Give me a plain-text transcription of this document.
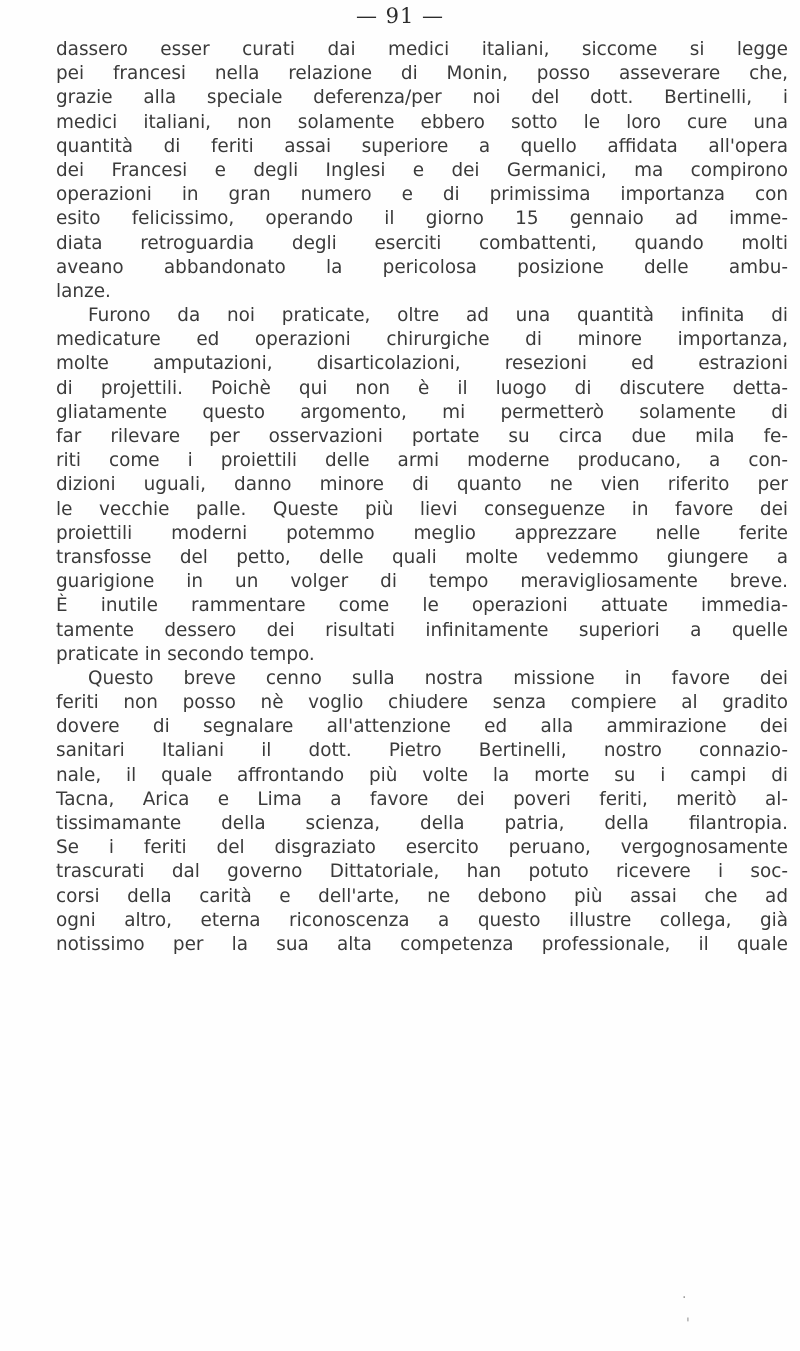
— 91 —
dassero esser curati dai medici italiani, siccome si legge
pei francesi nella relazione di Monin, posso asseverare che,
grazie alla speciale deferenza/per noi del dott. Bertinelli, i
medici italiani, non solamente ebbero sotto le loro cure una
quantità di feriti assai superiore a quello affidata all'opera
dei Francesi e degli Inglesi e dei Germanici, ma compirono
operazioni in gran numero e di primissima importanza con
esito felicissimo, operando il giorno 15 gennaio ad imme-
diata retroguardia degli eserciti combattenti, quando molti
aveano abbandonato la pericolosa posizione delle ambu-
lanze.
Furono da noi praticate, oltre ad una quantità infinita di
medicature ed operazioni chirurgiche di minore importanza,
molte amputazioni, disarticolazioni, resezioni ed estrazioni
di projettili. Poichè qui non è il luogo di discutere detta-
gliatamente questo argomento, mi permetterò solamente di
far rilevare per osservazioni portate su circa due mila fe-
riti come i proiettili delle armi moderne producano, a con-
dizioni uguali, danno minore di quanto ne vien riferito per
le vecchie palle. Queste più lievi conseguenze in favore dei
proiettili moderni potemmo meglio apprezzare nelle ferite
transfosse del petto, delle quali molte vedemmo giungere a
guarigione in un volger di tempo meravigliosamente breve.
È inutile rammentare come le operazioni attuate immedia-
tamente dessero dei risultati infinitamente superiori a quelle
praticate in secondo tempo.
Questo breve cenno sulla nostra missione in favore dei
feriti non posso nè voglio chiudere senza compiere al gradito
dovere di segnalare all'attenzione ed alla ammirazione dei
sanitari Italiani il dott. Pietro Bertinelli, nostro connazio-
nale, il quale affrontando più volte la morte su i campi di
Tacna, Arica e Lima a favore dei poveri feriti, meritò al-
tissimamante della scienza, della patria, della filantropia.
Se i feriti del disgraziato esercito peruano, vergognosamente
trascurati dal governo Dittatoriale, han potuto ricevere i soc-
corsi della carità e dell'arte, ne debono più assai che ad
ogni altro, eterna riconoscenza a questo illustre collega, già
notissimo per la sua alta competenza professionale, il quale
·
'
